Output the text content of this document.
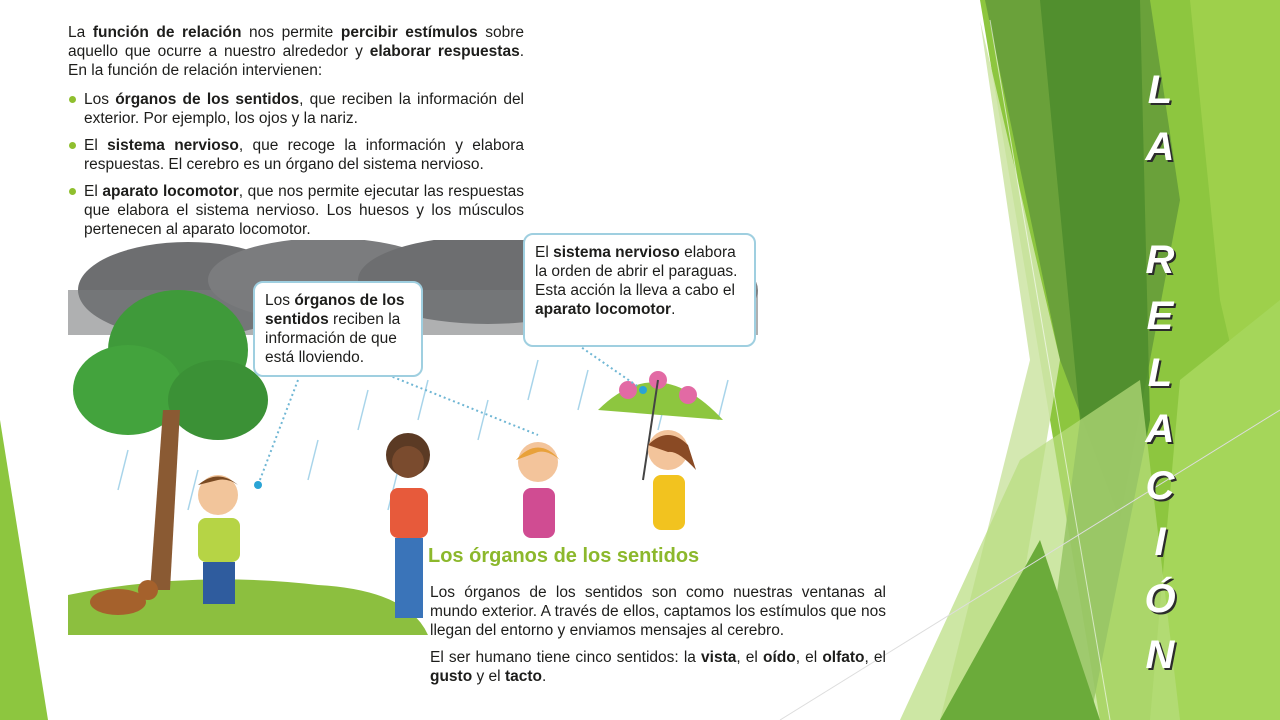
La función de relación nos permite percibir estímulos sobre aquello que ocurre a nuestro alrededor y elaborar respuestas. En la función de relación intervienen:

Los órganos de los sentidos, que reciben la información del exterior. Por ejemplo, los ojos y la nariz.
El sistema nervioso, que recoge la información y elabora respuestas. El cerebro es un órgano del sistema nervioso.
El aparato locomotor, que nos permite ejecutar las respuestas que elabora el sistema nervioso. Los huesos y los músculos pertenecen al aparato locomotor.
Los órganos de los sentidos reciben la información de que está lloviendo.
El sistema nervioso elabora la orden de abrir el paraguas. Esta acción la lleva a cabo el aparato locomotor.
Los órganos de los sentidos

Los órganos de los sentidos son como nuestras ventanas al mundo exterior. A través de ellos, captamos los estímulos que nos llegan del entorno y enviamos mensajes al cerebro.

El ser humano tiene cinco sentidos: la vista, el oído, el olfato, el gusto y el tacto.

L
A
R
E
L
A
C
I
Ó
N
